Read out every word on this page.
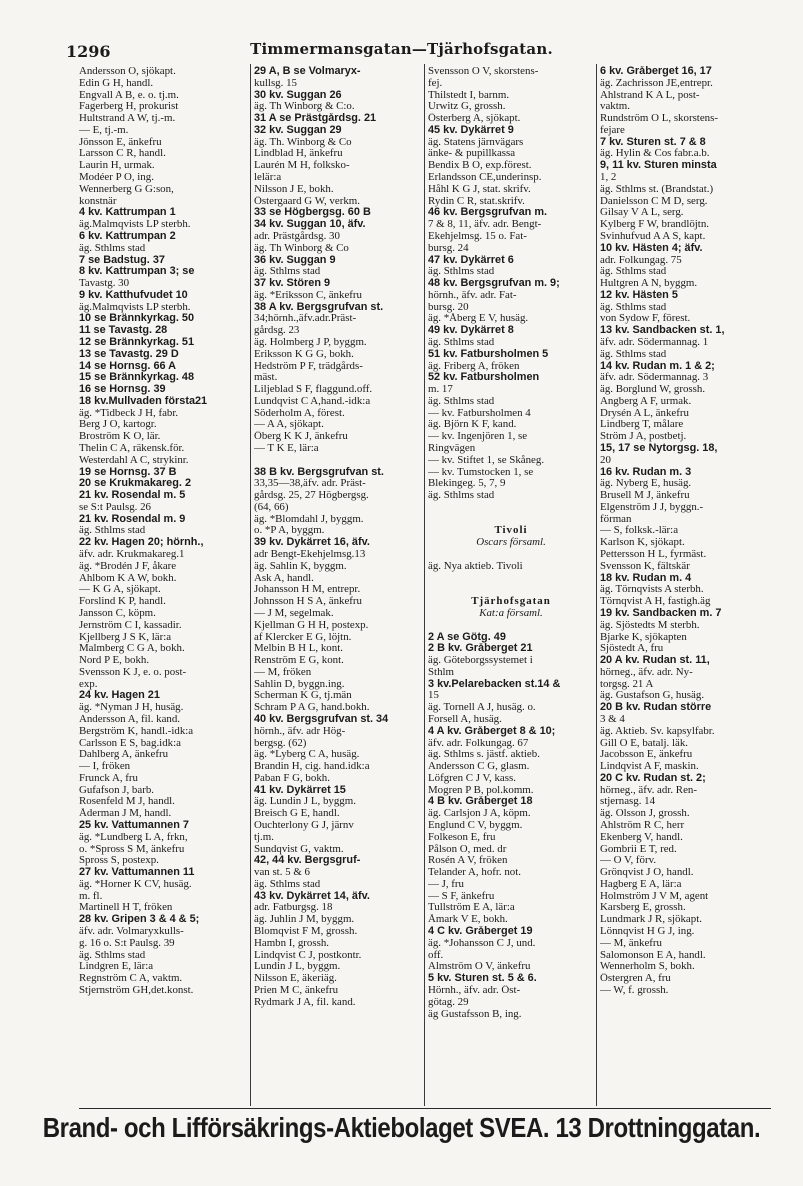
1296	Timmermansgatan—Tjärhofsgatan.
Andersson O, sjökapt.
Edin G H, handl.
Engvall A B, e. o. tj.m.
Fagerberg H, prokurist
Hultstrand A W, tj.-m.
— E, tj.-m.
Jönsson E, änkefru
Larsson C R, handl.
Laurin H, urmak.
Modéer P O, ing.
Wennerberg G G:son,
konstnär
4 kv. Kattrumpan 1
äg.Malmqvists LP sterbh.
6 kv. Kattrumpan 2
äg. Sthlms stad
7 se Badstug. 37
8 kv. Kattrumpan 3; se
Tavastg. 30
9 kv. Katthufvudet 10
äg.Malmqvists LP sterbh.
10 se Brännkyrkag. 50
11 se Tavastg. 28
12 se Brännkyrkag. 51
13 se Tavastg. 29 D
14 se Hornsg. 66 A
15 se Brännkyrkag. 48
16 se Hornsg. 39
18 kv.Mullvaden första21
äg. *Tidbeck J H, fabr.
Berg J O, kartogr.
Broström K O, lär.
Thelin C A, räkensk.för.
Westerdahl A C, strykinr.
19 se Hornsg. 37 B
20 se Krukmakareg. 2
21 kv. Rosendal m. 5
se S:t Paulsg. 26
21 kv. Rosendal m. 9
äg. Sthlms stad
22 kv. Hagen 20; hörnh.,
äfv. adr. Krukmakareg.1
äg. *Brodén J F, åkare
Ahlbom K A W, bokh.
— K G A, sjökapt.
Forslind K P, handl.
Jansson C, köpm.
Jernström C I, kassadir.
Kjellberg J S K, lär:a
Malmberg C G A, bokh.
Nord P E, bokh.
Svensson K J, e. o. post-
exp.
24 kv. Hagen 21
äg. *Nyman J H, husäg.
Andersson A, fil. kand.
Bergström K, handl.-idk:a
Carlsson E S, bag.idk:a
Dahlberg A, änkefru
— I, fröken
Frunck A, fru
Gufafson J, barb.
Rosenfeld M J, handl.
Åderman J M, handl.
25 kv. Vattumannen 7
äg. *Lundberg L A, frkn,
o. *Spross S M, änkefru
Spross S, postexp.
27 kv. Vattumannen 11
äg. *Horner K CV, husäg.
m. fl.
Martinell H T, fröken
28 kv. Gripen 3 & 4 & 5;
äfv. adr. Volmaryxkulls-
g. 16 o. S:t Paulsg. 39
äg. Sthlms stad
Lindgren E, lär:a
Regnström C A, vaktm.
Stjernström GH,det.konst.
29 A, B se Volmaryx-
kullsg. 15
30 kv. Suggan 26
äg. Th Winborg & C:o.
31 A se Prästgårdsg. 21
32 kv. Suggan 29
äg. Th. Winborg & Co
Lindblad H, änkefru
Laurén M H, folkskо-
lelär:a
Nilsson J E, bokh.
Östergaard G W, verkm.
33 se Högbergsg. 60 B
34 kv. Suggan 10, äfv.
adr. Prästgårdsg. 30
äg. Th Winborg & Co
36 kv. Suggan 9
äg. Sthlms stad
37 kv. Stören 9
äg. *Eriksson C, änkefru
38 A kv. Bergsgrufvan st.
34;hörnh.,äfv.adr.Präst-
gårdsg. 23
äg. Holmberg J P, byggm.
Eriksson K G G, bokh.
Hedström P F, trädgårds-
mäst.
Liljeblad S F, flaggund.off.
Lundqvist C A,hand.-idk:a
Söderholm A, förest.
— A A, sjökapt.
Öberg K K J, änkefru
— T K E, lär:a

38 B kv. Bergsgrufvan st.
33,35—38,äfv. adr. Präst-
gårdsg. 25, 27 Högbergsg.
(64, 66)
äg. *Blomdahl J, byggm.
o. *P A, byggm.
39 kv. Dykärret 16, äfv.
adr Bengt-Ekehjelmsg.13
äg. Sahlin K, byggm.
Ask A, handl.
Johansson H M, entrepr.
Johnsson H S A, änkefru
— J M, segelmak.
Kjellman G H H, postexp.
af Klercker E G, löjtn.
Melbin B H L, kont.
Renström E G, kont.
— M, fröken
Sahlin D, byggn.ing.
Scherman K G, tj.män
Schram P A G, hand.bokh.
40 kv. Bergsgrufvan st. 34
hörnh., äfv. adr Hög-
bergsg. (62)
äg. *Lyberg C A, husäg.
Brandin H, cig. hand.idk:a
Paban F G, bokh.
41 kv. Dykärret 15
äg. Lundin J L, byggm.
Breisch G E, handl.
Ouchterlony G J, järnv
tj.m.
Sundqvist G, vaktm.
42, 44 kv. Bergsgruf-
van st. 5 & 6
äg. Sthlms stad
43 kv. Dykärret 14, äfv.
adr. Fatburgsg. 18
äg. Juhlin J M, byggm.
Blomqvist F M, grossh.
Hambn I, grossh.
Lindqvist C J, postkontr.
Lundin J L, byggm.
Nilsson E, äkeriäg.
Prien M C, änkefru
Rydmark J A, fil. kand.
Svensson O V, skorstens-
fej.
Thilstedt I, barnm.
Urwitz G, grossh.
Österberg A, sjökapt.
45 kv. Dykärret 9
äg. Statens järnvägars
änke- & pupillkassa
Bendix B O, exp.förest.
Erlandsson CE,underinsp.
Håhl K G J, stat. skrifv.
Rydin C R, stat.skrifv.
46 kv. Bergsgrufvan m.
7 & 8, 11, äfv. adr. Bengt-
Ekehjelmsg. 15 o. Fat-
bursg. 24
47 kv. Dykärret 6
äg. Sthlms stad
48 kv. Bergsgrufvan m. 9;
hörnh., äfv. adr. Fat-
bursg. 20
äg. *Åberg E V, husäg.
49 kv. Dykärret 8
äg. Sthlms stad
51 kv. Fatbursholmen 5
äg. Friberg A, fröken
52 kv. Fatbursholmen
m. 17
äg. Sthlms stad
— kv. Fatbursholmen 4
äg. Björn K F, kand.
— kv. Ingenjören 1, se
Ringvägen
— kv. Stiftet 1, se Skåneg.
— kv. Tumstocken 1, se
Blekingeg. 5, 7, 9
äg. Sthlms stad

Tivoli
Oscars församl.

äg. Nya aktieb. Tivoli

Tjärhofsgatan
Kat:a församl.

2 A se Götg. 49
2 B kv. Gråberget 21
äg. Göteborgssystemet i
Sthlm
3 kv.Pelarebacken st.14 &
15
äg. Tornell A J, husäg. o.
Forsell A, husäg.
4 A kv. Gråberget 8 & 10;
äfv. adr. Folkungag. 67
äg. Sthlms s. jästf. aktieb.
Andersson C G, glasm.
Löfgren C J V, kass.
Mogren P B, pol.komm.
4 B kv. Gråberget 18
äg. Carlsjon J A, köpm.
Englund C V, byggm.
Folkeson E, fru
Pålson O, med. dr
Rosén A V, fröken
Telander A, hofr. not.
— J, fru
— S F, änkefru
Tullström E A, lär:a
Åmark V E, bokh.
4 C kv. Gråberget 19
äg. *Johansson C J, und.
off.
Almström O V, änkefru
5 kv. Sturen st. 5 & 6.
Hörnh., äfv. adr. Öst-
götag. 29
äg Gustafsson B, ing.
6 kv. Gråberget 16, 17
äg. Zachrisson JE,entrepr.
Ahlstrand K A L, post-
vaktm.
Rundström O L, skorstens-
fejare
7 kv. Sturen st. 7 & 8
äg. Hylin & Cos fabr.a.b.
9, 11 kv. Sturen minsta
1, 2
äg. Sthlms st. (Brandstat.)
Danielsson C M D, serg.
Gilsay V A L, serg.
Kylberg F W, brandlöjtn.
Svinhufvud A A S, kapt.
10 kv. Hästen 4; äfv.
adr. Folkungag. 75
äg. Sthlms stad
Hultgren A N, byggm.
12 kv. Hästen 5
äg. Sthlms stad
von Sydow F, förest.
13 kv. Sandbacken st. 1,
äfv. adr. Södermannag. 1
äg. Sthlms stad
14 kv. Rudan m. 1 & 2;
äfv. adr. Södermannag. 3
äg. Borglund W, grossh.
Angberg A F, urmak.
Drysén A L, änkefru
Lindberg T, målare
Ström J A, postbetj.
15, 17 se Nytorgsg. 18,
20
16 kv. Rudan m. 3
äg. Nyberg E, husäg.
Brusell M J, änkefru
Elgenström J J, byggn.-
förman
— S, folksk.-lär:a
Karlson K, sjökapt.
Pettersson H L, fyrmäst.
Svensson K, fältskär
18 kv. Rudan m. 4
äg. Törnqvists A sterbh.
Törnqvist A H, fastigh.äg
19 kv. Sandbacken m. 7
äg. Sjöstedts M sterbh.
Bjarke K, sjökapten
Sjöstedt A, fru
20 A kv. Rudan st. 11,
hörneg., äfv. adr. Ny-
torgsg. 21 A
äg. Gustafson G, husäg.
20 B kv. Rudan större
3 & 4
äg. Aktieb. Sv. kapsylfabr.
Gill O E, batalj. läk.
Jacobsson E, änkefru
Lindqvist A F, maskin.
20 C kv. Rudan st. 2;
hörneg., äfv. adr. Ren-
stjernasg. 14
äg. Olsson J, grossh.
Ahlström R C, herr
Ekenberg V, handl.
Gombrii E T, red.
— O V, förv.
Grönqvist J O, handl.
Hagberg E A, lär:a
Holmström J V M, agent
Karsberg E, grossh.
Lundmark J R, sjökapt.
Lönnqvist H G J, ing.
— M, änkefru
Salomonson E A, handl.
Wennerholm S, bokh.
Östergren A, fru
— W, f. grossh.
Brand- och Lifförsäkrings-Aktiebolaget SVEA. 13 Drottninggatan.
